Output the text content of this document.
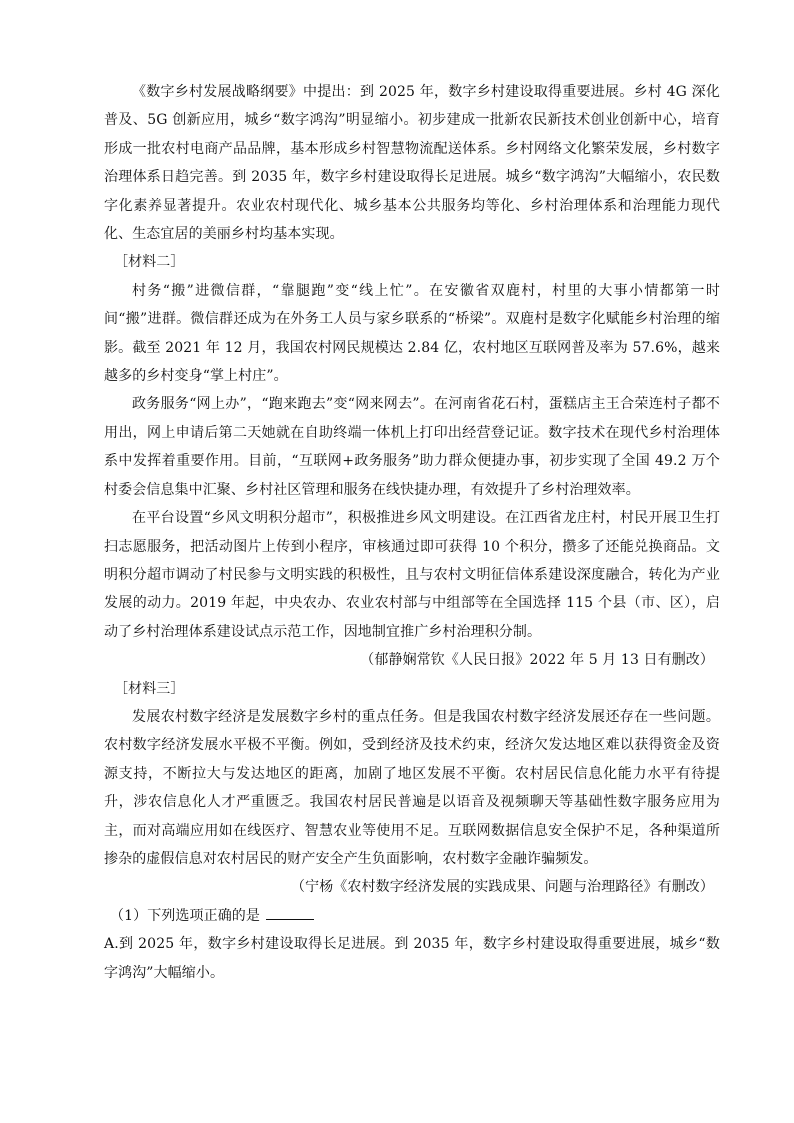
《数字乡村发展战略纲要》中提出：到 2025 年，数字乡村建设取得重要进展。乡村 4G 深化普及、5G 创新应用，城乡“数字鸿沟”明显缩小。初步建成一批新农民新技术创业创新中心，培育形成一批农村电商产品品牌，基本形成乡村智慧物流配送体系。乡村网络文化繁荣发展，乡村数字治理体系日趋完善。到 2035 年，数字乡村建设取得长足进展。城乡“数字鸿沟”大幅缩小，农民数字化素养显著提升。农业农村现代化、城乡基本公共服务均等化、乡村治理体系和治理能力现代化、生态宜居的美丽乡村均基本实现。

［材料二］

村务“搬”进微信群，“靠腿跑”变“线上忙”。在安徽省双鹿村，村里的大事小情都第一时间“搬”进群。微信群还成为在外务工人员与家乡联系的“桥梁”。双鹿村是数字化赋能乡村治理的缩影。截至 2021 年 12 月，我国农村网民规模达 2.84 亿，农村地区互联网普及率为 57.6%，越来越多的乡村变身“掌上村庄”。

政务服务“网上办”，“跑来跑去”变“网来网去”。在河南省花石村，蛋糕店主王合荣连村子都不用出，网上申请后第二天她就在自助终端一体机上打印出经营登记证。数字技术在现代乡村治理体系中发挥着重要作用。目前，“互联网+政务服务”助力群众便捷办事，初步实现了全国 49.2 万个村委会信息集中汇聚、乡村社区管理和服务在线快捷办理，有效提升了乡村治理效率。

在平台设置“乡风文明积分超市”，积极推进乡风文明建设。在江西省龙庄村，村民开展卫生打扫志愿服务，把活动图片上传到小程序，审核通过即可获得 10 个积分，攒多了还能兑换商品。文明积分超市调动了村民参与文明实践的积极性，且与农村文明征信体系建设深度融合，转化为产业发展的动力。2019 年起，中央农办、农业农村部与中组部等在全国选择 115 个县（市、区），启动了乡村治理体系建设试点示范工作，因地制宜推广乡村治理积分制。

（郁静娴常钦《人民日报》2022 年 5 月 13 日有删改）

［材料三］

发展农村数字经济是发展数字乡村的重点任务。但是我国农村数字经济发展还存在一些问题。农村数字经济发展水平极不平衡。例如，受到经济及技术约束，经济欠发达地区难以获得资金及资源支持，不断拉大与发达地区的距离，加剧了地区发展不平衡。农村居民信息化能力水平有待提升，涉农信息化人才严重匮乏。我国农村居民普遍是以语音及视频聊天等基础性数字服务应用为主，而对高端应用如在线医疗、智慧农业等使用不足。互联网数据信息安全保护不足，各种渠道所掺杂的虚假信息对农村居民的财产安全产生负面影响，农村数字金融诈骗频发。

（宁杨《农村数字经济发展的实践成果、问题与治理路径》有删改）

（1）下列选项正确的是

A.到 2025 年，数字乡村建设取得长足进展。到 2035 年，数字乡村建设取得重要进展，城乡“数字鸿沟”大幅缩小。
